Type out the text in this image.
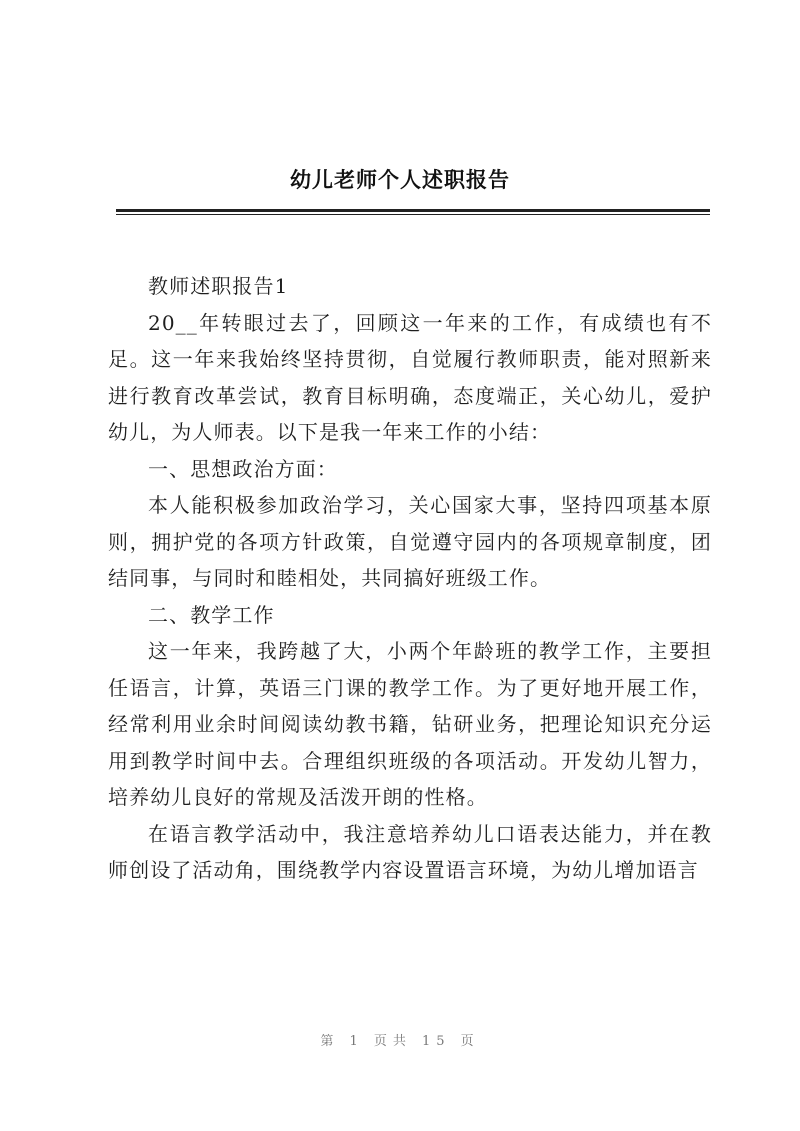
幼儿老师个人述职报告

教师述职报告1

20__年转眼过去了，回顾这一年来的工作，有成绩也有不足。这一年来我始终坚持贯彻，自觉履行教师职责，能对照新来进行教育改革尝试，教育目标明确，态度端正，关心幼儿，爱护幼儿，为人师表。以下是我一年来工作的小结：

一、思想政治方面：

本人能积极参加政治学习，关心国家大事，坚持四项基本原则，拥护党的各项方针政策，自觉遵守园内的各项规章制度，团结同事，与同时和睦相处，共同搞好班级工作。

二、教学工作

这一年来，我跨越了大，小两个年龄班的教学工作，主要担任语言，计算，英语三门课的教学工作。为了更好地开展工作，经常利用业余时间阅读幼教书籍，钻研业务，把理论知识充分运用到教学时间中去。合理组织班级的各项活动。开发幼儿智力，培养幼儿良好的常规及活泼开朗的性格。

在语言教学活动中，我注意培养幼儿口语表达能力，并在教师创设了活动角，围绕教学内容设置语言环境，为幼儿增加语言

第 1 页共 15 页
